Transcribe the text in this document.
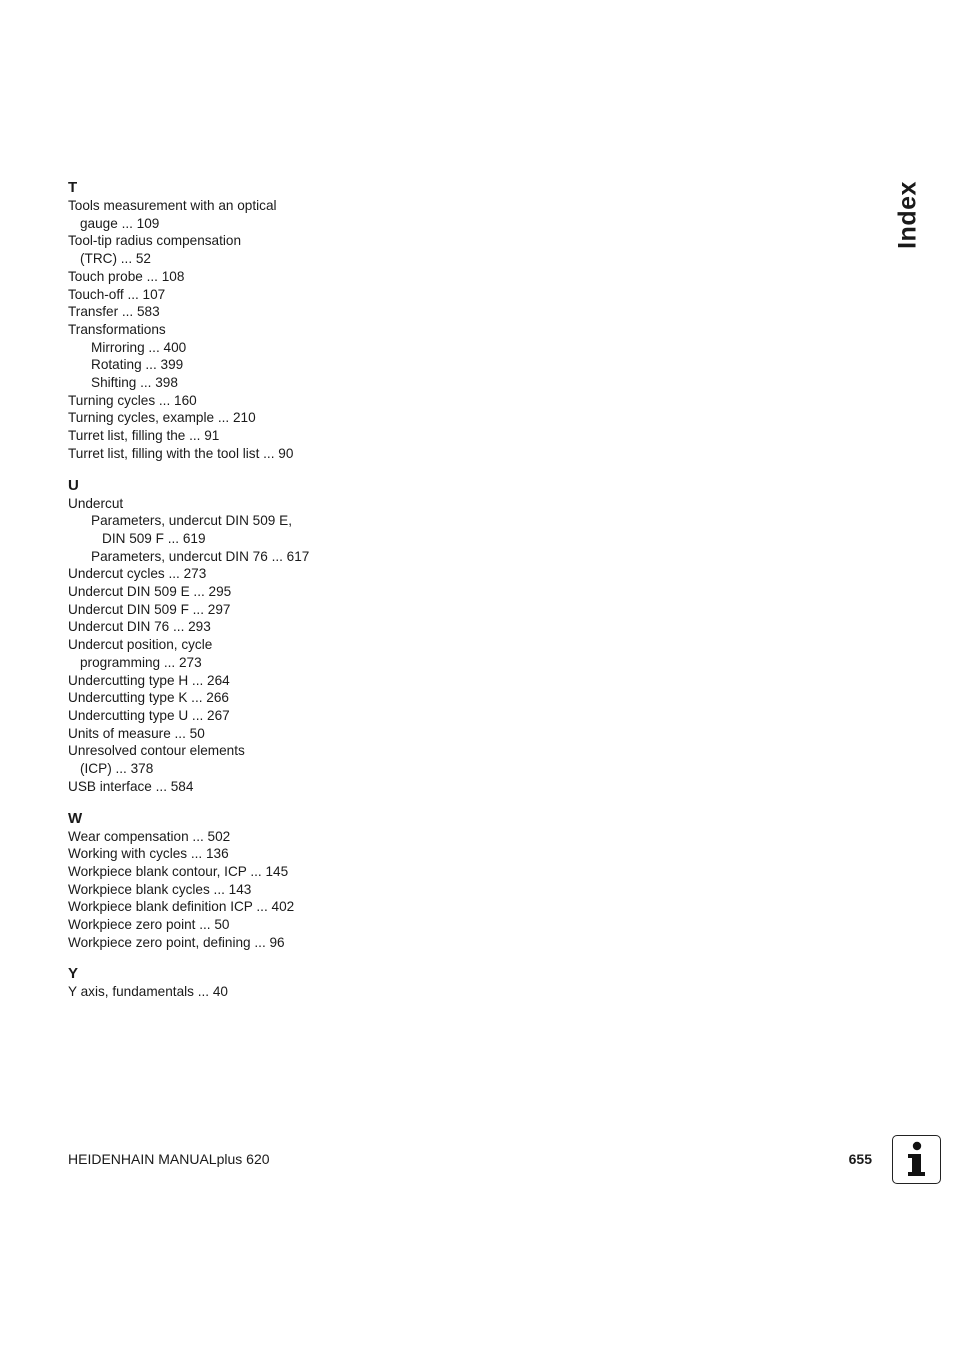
T
Tools measurement with an optical
gauge ... 109
Tool-tip radius compensation
(TRC) ... 52
Touch probe ... 108
Touch-off ... 107
Transfer ... 583
Transformations
Mirroring ... 400
Rotating ... 399
Shifting ... 398
Turning cycles ... 160
Turning cycles, example ... 210
Turret list, filling the ... 91
Turret list, filling with the tool list ... 90
U
Undercut
Parameters, undercut DIN 509 E,
DIN 509 F ... 619
Parameters, undercut DIN 76 ... 617
Undercut cycles ... 273
Undercut DIN 509 E ... 295
Undercut DIN 509 F ... 297
Undercut DIN 76 ... 293
Undercut position, cycle
programming ... 273
Undercutting type H ... 264
Undercutting type K ... 266
Undercutting type U ... 267
Units of measure ... 50
Unresolved contour elements
(ICP) ... 378
USB interface ... 584
W
Wear compensation ... 502
Working with cycles ... 136
Workpiece blank contour, ICP ... 145
Workpiece blank cycles ... 143
Workpiece blank definition ICP ... 402
Workpiece zero point ... 50
Workpiece zero point, defining ... 96
Y
Y axis, fundamentals ... 40
Index
HEIDENHAIN MANUALplus 620	655
